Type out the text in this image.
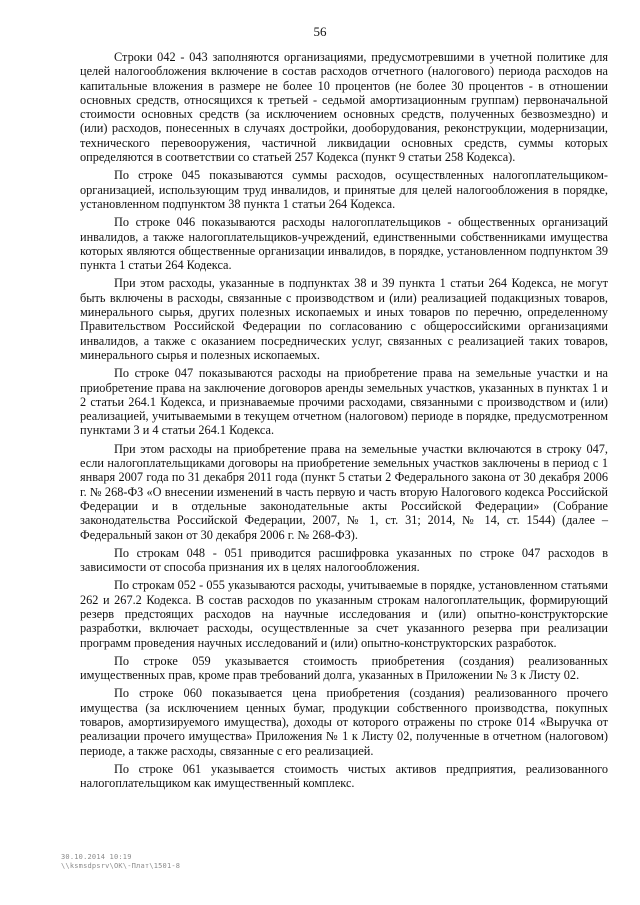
56

Строки 042 - 043 заполняются организациями, предусмотревшими в учетной политике для целей налогообложения включение в состав расходов отчетного (налогового) периода расходов на капитальные вложения в размере не более 10 процентов (не более 30 процентов - в отношении основных средств, относящихся к третьей - седьмой амортизационным группам) первоначальной стоимости основных средств (за исключением основных средств, полученных безвозмездно) и (или) расходов, понесенных в случаях достройки, дооборудования, реконструкции, модернизации, технического перевооружения, частичной ликвидации основных средств, суммы которых определяются в соответствии со статьей 257 Кодекса (пункт 9 статьи 258 Кодекса).

По строке 045 показываются суммы расходов, осуществленных налогоплательщиком-организацией, использующим труд инвалидов, и принятые для целей налогообложения в порядке, установленном подпунктом 38 пункта 1 статьи 264 Кодекса.

По строке 046 показываются расходы налогоплательщиков - общественных организаций инвалидов, а также налогоплательщиков-учреждений, единственными собственниками имущества которых являются общественные организации инвалидов, в порядке, установленном подпунктом 39 пункта 1 статьи 264 Кодекса.

При этом расходы, указанные в подпунктах 38 и 39 пункта 1 статьи 264 Кодекса, не могут быть включены в расходы, связанные с производством и (или) реализацией подакцизных товаров, минерального сырья, других полезных ископаемых и иных товаров по перечню, определенному Правительством Российской Федерации по согласованию с общероссийскими организациями инвалидов, а также с оказанием посреднических услуг, связанных с реализацией таких товаров, минерального сырья и полезных ископаемых.

По строке 047 показываются расходы на приобретение права на земельные участки и на приобретение права на заключение договоров аренды земельных участков, указанных в пунктах 1 и 2 статьи 264.1 Кодекса, и признаваемые прочими расходами, связанными с производством и (или) реализацией, учитываемыми в текущем отчетном (налоговом) периоде в порядке, предусмотренном пунктами 3 и 4 статьи 264.1 Кодекса.

При этом расходы на приобретение права на земельные участки включаются в строку 047, если налогоплательщиками договоры на приобретение земельных участков заключены в период с 1 января 2007 года по 31 декабря 2011 года (пункт 5 статьи 2 Федерального закона от 30 декабря 2006 г. № 268-ФЗ «О внесении изменений в часть первую и часть вторую Налогового кодекса Российской Федерации и в отдельные законодательные акты Российской Федерации» (Собрание законодательства Российской Федерации, 2007, № 1, ст. 31; 2014, № 14, ст. 1544) (далее – Федеральный закон от 30 декабря 2006 г. № 268-ФЗ).

По строкам 048 - 051 приводится расшифровка указанных по строке 047 расходов в зависимости от способа признания их в целях налогообложения.

По строкам 052 - 055 указываются расходы, учитываемые в порядке, установленном статьями 262 и 267.2 Кодекса. В состав расходов по указанным строкам налогоплательщик, формирующий резерв предстоящих расходов на научные исследования и (или) опытно-конструкторские разработки, включает расходы, осуществленные за счет указанного резерва при реализации программ проведения научных исследований и (или) опытно-конструкторских разработок.

По строке 059 указывается стоимость приобретения (создания) реализованных имущественных прав, кроме прав требований долга, указанных в Приложении № 3 к Листу 02.

По строке 060 показывается цена приобретения (создания) реализованного прочего имущества (за исключением ценных бумаг, продукции собственного производства, покупных товаров, амортизируемого имущества), доходы от которого отражены по строке 014 «Выручка от реализации прочего имущества» Приложения № 1 к Листу 02, полученные в отчетном (налоговом) периоде, а также расходы, связанные с его реализацией.

По строке 061 указывается стоимость чистых активов предприятия, реализованного налогоплательщиком как имущественный комплекс.

30.10.2014 10:19
\\ksmsdpsrv\ОК\-Плат\1501-8
